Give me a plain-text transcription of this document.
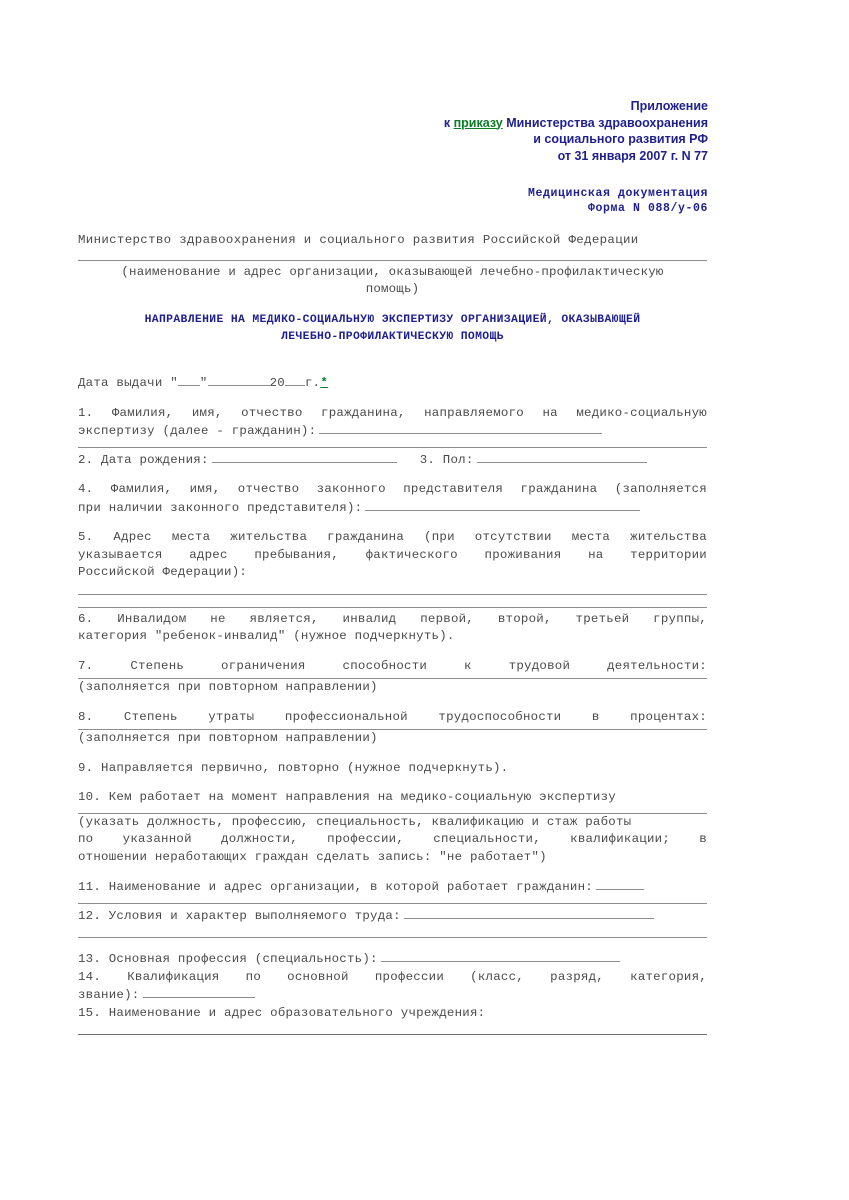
Приложение
к приказу Министерства здравоохранения
и социального развития РФ
от 31 января 2007 г. N 77
Медицинская документация
Форма N 088/у-06
Министерство здравоохранения и социального развития Российской Федерации
(наименование и адрес организации, оказывающей лечебно-профилактическую
помощь)
НАПРАВЛЕНИЕ НА МЕДИКО-СОЦИАЛЬНУЮ ЭКСПЕРТИЗУ ОРГАНИЗАЦИЕЙ, ОКАЗЫВАЮЩЕЙ
ЛЕЧЕБНО-ПРОФИЛАКТИЧЕСКУЮ ПОМОЩЬ

Дата выдачи " "	20 г.*

1. Фамилия, имя, отчество гражданина, направляемого на медико-социальную

экспертизу (далее - гражданин):

2. Дата рождения:	3. Пол:

4. Фамилия, имя, отчество законного представителя гражданина (заполняется

при наличии законного представителя):

5. Адрес места жительства гражданина (при отсутствии места жительства

указывается адрес пребывания, фактического проживания на территории

Российской Федерации):

6. Инвалидом не является, инвалид первой, второй, третьей группы,

категория "ребенок-инвалид" (нужное подчеркнуть).

7. Степень ограничения способности к трудовой деятельности:

(заполняется при повторном направлении)

8. Степень утраты профессиональной трудоспособности в процентах:

(заполняется при повторном направлении)

9. Направляется первично, повторно (нужное подчеркнуть).

10. Кем работает на момент направления на медико-социальную экспертизу

(указать должность, профессию, специальность, квалификацию и стаж работы

по указанной должности, профессии, специальности, квалификации; в

отношении неработающих граждан сделать запись: "не работает")

11. Наименование и адрес организации, в которой работает гражданин:

12. Условия и характер выполняемого труда:

13. Основная профессия (специальность):

14. Квалификация по основной профессии (класс, разряд, категория,

звание):

15. Наименование и адрес образовательного учреждения:
